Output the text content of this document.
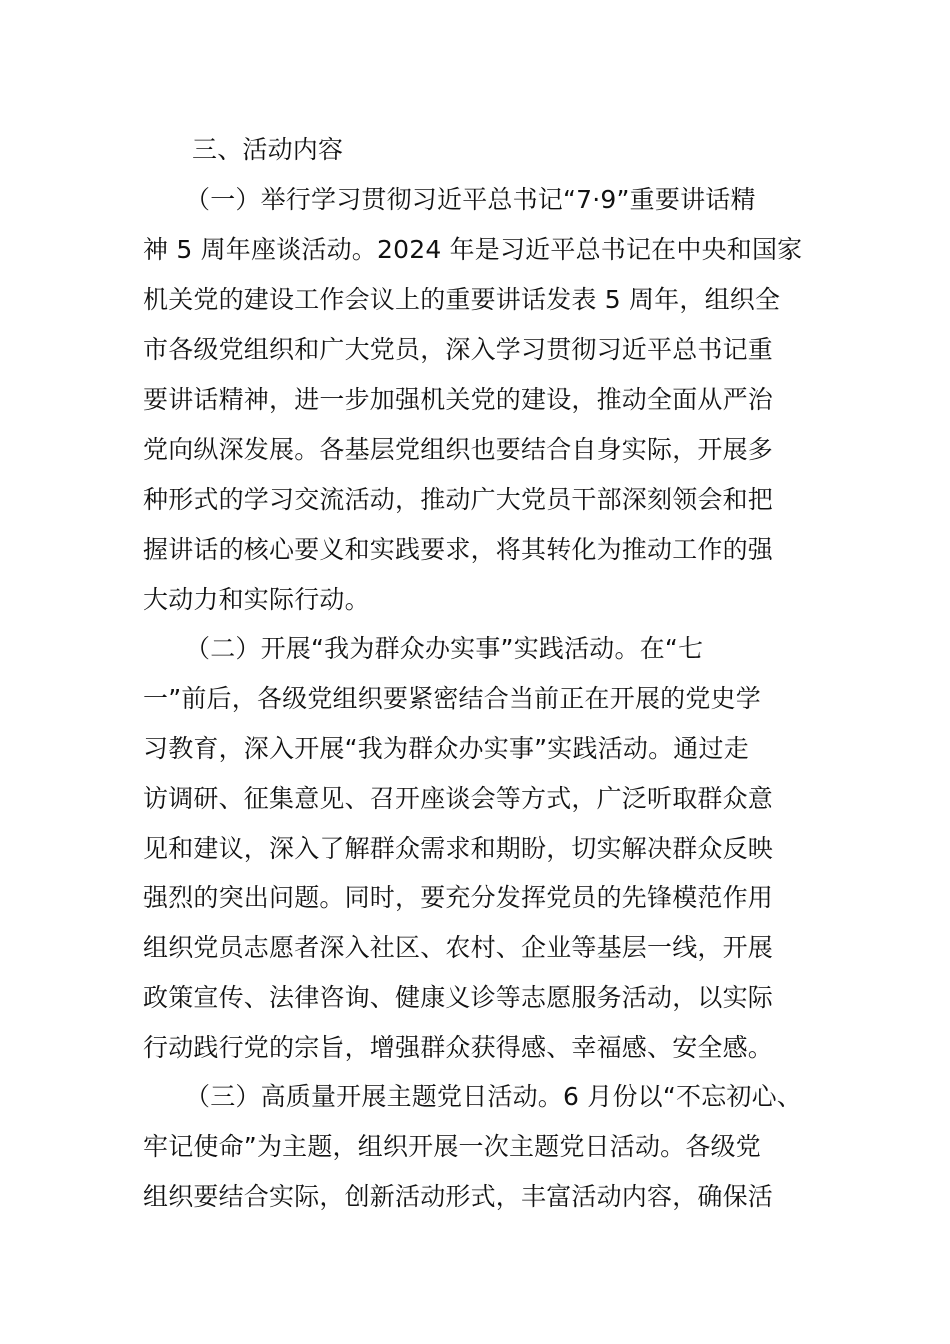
三、活动内容
（一）举行学习贯彻习近平总书记“7·9”重要讲话精
神 5 周年座谈活动。2024 年是习近平总书记在中央和国家
机关党的建设工作会议上的重要讲话发表 5 周年，组织全
市各级党组织和广大党员，深入学习贯彻习近平总书记重
要讲话精神，进一步加强机关党的建设，推动全面从严治
党向纵深发展。各基层党组织也要结合自身实际，开展多
种形式的学习交流活动，推动广大党员干部深刻领会和把
握讲话的核心要义和实践要求，将其转化为推动工作的强
大动力和实际行动。
（二）开展“我为群众办实事”实践活动。在“七
一”前后，各级党组织要紧密结合当前正在开展的党史学
习教育，深入开展“我为群众办实事”实践活动。通过走
访调研、征集意见、召开座谈会等方式，广泛听取群众意
见和建议，深入了解群众需求和期盼，切实解决群众反映
强烈的突出问题。同时，要充分发挥党员的先锋模范作用
组织党员志愿者深入社区、农村、企业等基层一线，开展
政策宣传、法律咨询、健康义诊等志愿服务活动，以实际
行动践行党的宗旨，增强群众获得感、幸福感、安全感。
（三）高质量开展主题党日活动。6 月份以“不忘初心、
牢记使命”为主题，组织开展一次主题党日活动。各级党
组织要结合实际，创新活动形式，丰富活动内容，确保活
